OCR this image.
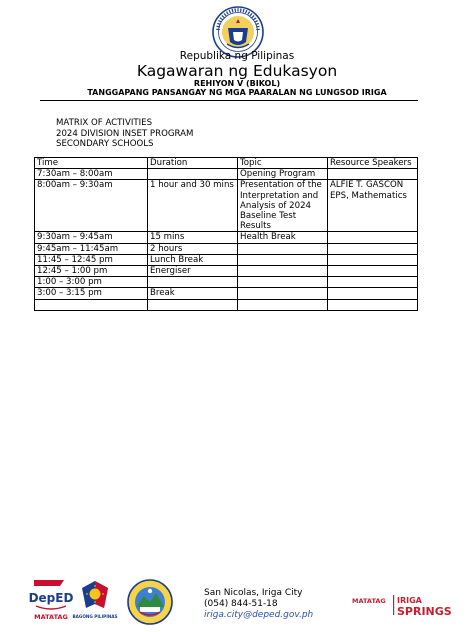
Republika ng Pilipinas
Kagawaran ng Edukasyon
REHIYON V (BIKOL)
TANGGAPANG PANSANGAY NG MGA PAARALAN NG LUNGSOD IRIGA
MATRIX OF ACTIVITIES
2024 DIVISION INSET PROGRAM
SECONDARY SCHOOLS
Time	Duration	Topic	Resource Speakers
7:30am – 8:00am		Opening Program	
8:00am – 9:30am	1 hour and 30 mins	Presentation of the Interpretation and Analysis of 2024 Baseline Test Results	ALFIE T. GASCON EPS, Mathematics
9:30am – 9:45am	15 mins	Health Break	
9:45am – 11:45am	2 hours		
11:45 – 12:45 pm	Lunch Break		
12:45 – 1:00 pm	Energiser		
1:00 – 3:00 pm			
3:00 – 3:15 pm	Break		

DepED
MATATAG BAGONG PILIPINAS
San Nicolas, Iriga City
(054) 844-51-18
iriga.city@deped.gov.ph
MATATAG IRIGA
SPRINGS
